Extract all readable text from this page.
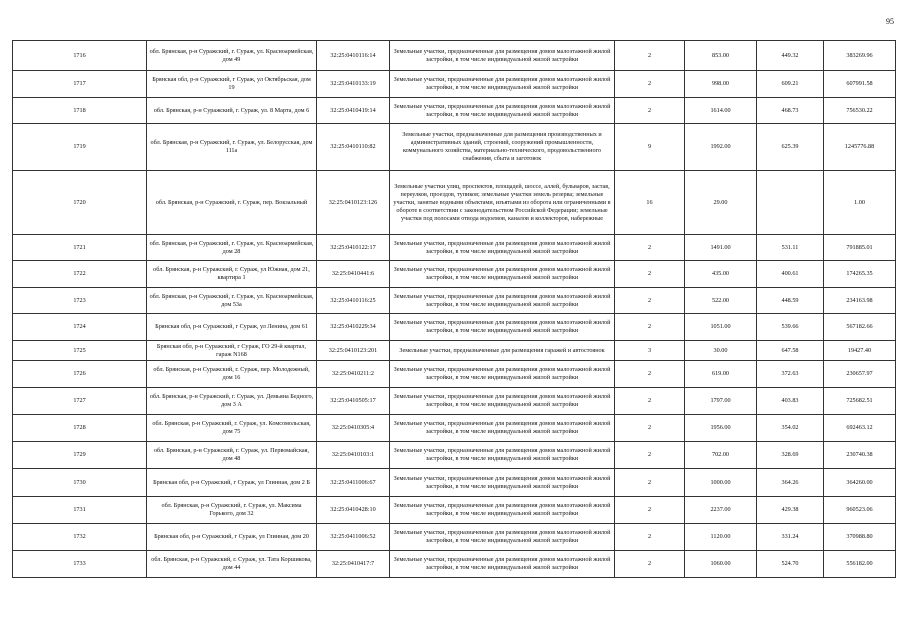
95
1716	обл. Брянская, р-н Суражский, г. Сураж, ул. Красноармейская, дом 49	32:25:0410116:14	Земельные участки, предназначенные для размещения домов малоэтажной жилой застройки, в том числе индивидуальной жилой застройки	2	853.00	449.32	383269.96
1717	Брянская обл, р-н Суражский, г Сураж, ул Октябрьская, дом 19	32:25:0410133:19	Земельные участки, предназначенные для размещения домов малоэтажной жилой застройки, в том числе индивидуальной жилой застройки	2	998.00	609.21	607991.58
1718	обл. Брянская, р-н Суражский, г. Сураж, ул. 8 Марта, дом 6	32:25:0410419:14	Земельные участки, предназначенные для размещения домов малоэтажной жилой застройки, в том числе индивидуальной жилой застройки	2	1614.00	468.73	756530.22
1719	обл. Брянская, р-н Суражский, г. Сураж, ул. Белорусская, дом 111а	32:25:0410110:82	Земельные участки, предназначенные для размещения производственных и административных зданий, строений, сооружений промышленности, коммунального хозяйства, материально-технического, продовольственного снабжения, сбыта и заготовок	9	1992.00	625.39	1245776.88
1720	обл. Брянская, р-н Суражский, г. Сураж, пер. Вокзальный	32:25:0410123:126	Земельные участки улиц, проспектов, площадей, шоссе, аллей, бульваров, застав, переулков, проездов, тупиков; земельные участки земель резерва; земельные участки, занятые водными объектами, изъятыми из оборота или ограниченными в обороте в соответствии с законодательством Российской Федерации; земельные участки под полосами отвода водоемов, каналов и коллекторов, набережные	16	29.00		1.00
1721	обл. Брянская, р-н Суражский, г. Сураж, ул. Красноармейская, дом 28	32:25:0410122:17	Земельные участки, предназначенные для размещения домов малоэтажной жилой застройки, в том числе индивидуальной жилой застройки	2	1491.00	531.11	791885.01
1722	обл. Брянская, р-н Суражский, г. Сураж, ул Южная, дом 21, квартира 1	32:25:0410441:6	Земельные участки, предназначенные для размещения домов малоэтажной жилой застройки, в том числе индивидуальной жилой застройки	2	435.00	400.61	174265.35
1723	обл. Брянская, р-н Суражский, г. Сураж, ул. Красноармейская, дом 53а	32:25:0410116:25	Земельные участки, предназначенные для размещения домов малоэтажной жилой застройки, в том числе индивидуальной жилой застройки	2	522.00	448.59	234163.98
1724	Брянская обл, р-н Суражский, г Сураж, ул Ленина, дом 61	32:25:0410229:34	Земельные участки, предназначенные для размещения домов малоэтажной жилой застройки, в том числе индивидуальной жилой застройки	2	1051.00	539.66	567182.66
1725	Брянская обл, р-н Суражский, г Сураж, ГО 29-й квартал, гараж N168	32:25:0410123:201	Земельные участки, предназначенные для размещения гаражей и автостоянок	3	30.00	647.58	19427.40
1726	обл. Брянская, р-н Суражский, г. Сураж, пер. Молодежный, дом 16	32:25:0410211:2	Земельные участки, предназначенные для размещения домов малоэтажной жилой застройки, в том числе индивидуальной жилой застройки	2	619.00	372.63	230657.97
1727	обл. Брянская, р-н Суражский, г. Сураж, ул. Демьяна Бедного, дом 3 А	32:25:0410505:17	Земельные участки, предназначенные для размещения домов малоэтажной жилой застройки, в том числе индивидуальной жилой застройки	2	1797.00	403.83	725682.51
1728	обл. Брянская, р-н Суражский, г. Сураж, ул. Комсомольская, дом 75	32:25:0410305:4	Земельные участки, предназначенные для размещения домов малоэтажной жилой застройки, в том числе индивидуальной жилой застройки	2	1956.00	354.02	692463.12
1729	обл. Брянская, р-н Суражский, г. Сураж, ул. Первомайская, дом 48	32:25:0410103:1	Земельные участки, предназначенные для размещения домов малоэтажной жилой застройки, в том числе индивидуальной жилой застройки	2	702.00	328.69	230740.38
1730	Брянская обл, р-н Суражский, г Сураж, ул Глинная, дом 2 Б	32:25:0411006:67	Земельные участки, предназначенные для размещения домов малоэтажной жилой застройки, в том числе индивидуальной жилой застройки	2	1000.00	364.26	364260.00
1731	обл. Брянская, р-н Суражский, г. Сураж, ул. Максима Горького, дом 32	32:25:0410428:10	Земельные участки, предназначенные для размещения домов малоэтажной жилой застройки, в том числе индивидуальной жилой застройки	2	2237.00	429.38	960523.06
1732	Брянская обл, р-н Суражский, г Сураж, ул Глинная, дом 20	32:25:0411006:52	Земельные участки, предназначенные для размещения домов малоэтажной жилой застройки, в том числе индивидуальной жилой застройки	2	1120.00	331.24	370988.80
1733	обл. Брянская, р-н Суражский, г. Сураж, ул. Тата Коршикова, дом 44	32:25:0410417:7	Земельные участки, предназначенные для размещения домов малоэтажной жилой застройки, в том числе индивидуальной жилой застройки	2	1060.00	524.70	556182.00
